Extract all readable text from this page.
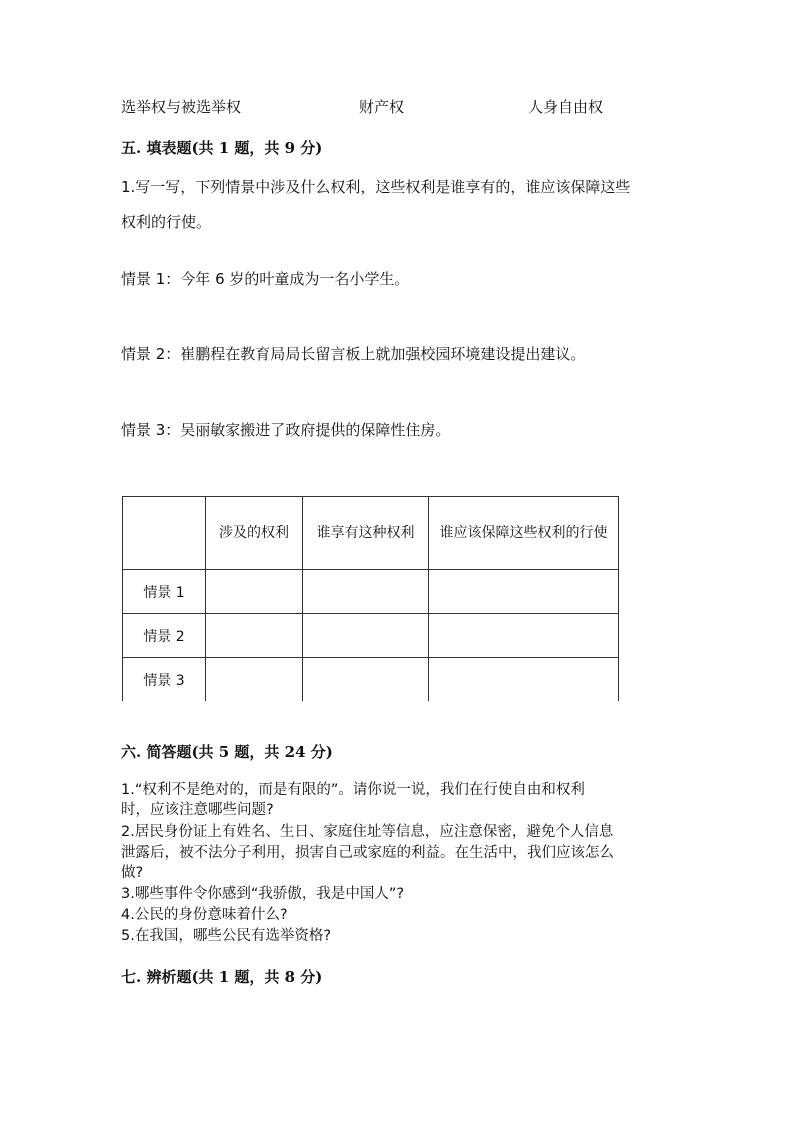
选举权与被选举权	财产权	人身自由权
五. 填表题(共 1 题，共 9 分)
1.写一写，下列情景中涉及什么权利，这些权利是谁享有的，谁应该保障这些
权利的行使。
情景 1：今年 6 岁的叶童成为一名小学生。
情景 2：崔鹏程在教育局局长留言板上就加强校园环境建设提出建议。
情景 3：吴丽敏家搬进了政府提供的保障性住房。
	涉及的权利	谁享有这种权利	谁应该保障这些权利的行使

情景 1			
情景 2			
情景 3			
六. 简答题(共 5 题，共 24 分)
1.“权利不是绝对的，而是有限的”。请你说一说，我们在行使自由和权利
时，应该注意哪些问题?
2.居民身份证上有姓名、生日、家庭住址等信息，应注意保密，避免个人信息
泄露后，被不法分子利用，损害自己或家庭的利益。在生活中，我们应该怎么
做?
3.哪些事件令你感到“我骄傲，我是中国人”?
4.公民的身份意味着什么?
5.在我国，哪些公民有选举资格?
七. 辨析题(共 1 题，共 8 分)
